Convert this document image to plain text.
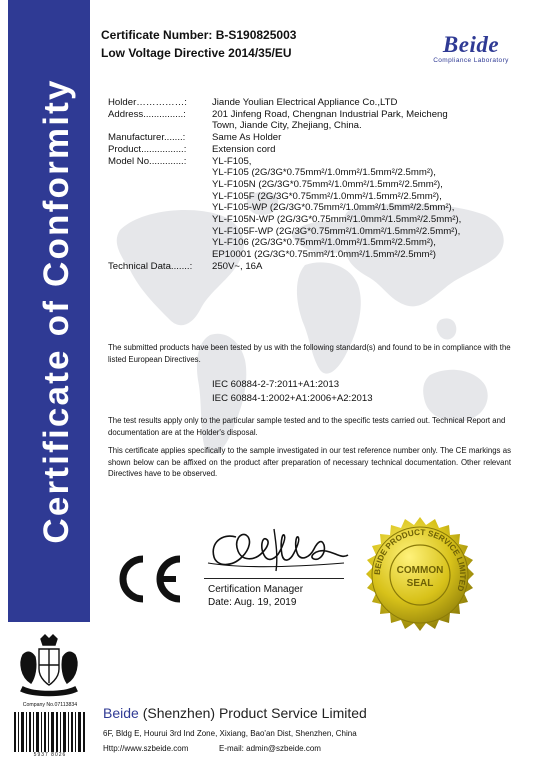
Certificate of Conformity
Certificate Number: B-S190825003
Low Voltage Directive 2014/35/EU	Beide
Compliance Laboratory
Holder……………:	Jiande Youlian Electrical Appliance Co.,LTD
Address...............:	201 Jinfeng Road, Chengnan Industrial Park, Meicheng
Town, Jiande City, Zhejiang, China.
Manufacturer.......:	Same As Holder
Product................:	Extension cord
Model No.............:	YL-F105,
YL-F105 (2G/3G*0.75mm²/1.0mm²/1.5mm²/2.5mm²),
YL-F105N (2G/3G*0.75mm²/1.0mm²/1.5mm²/2.5mm²),
YL-F105F (2G/3G*0.75mm²/1.0mm²/1.5mm²/2.5mm²),
YL-F105-WP (2G/3G*0.75mm²/1.0mm²/1.5mm²/2.5mm²),
YL-F105N-WP (2G/3G*0.75mm²/1.0mm²/1.5mm²/2.5mm²),
YL-F105F-WP (2G/3G*0.75mm²/1.0mm²/1.5mm²/2.5mm²),
YL-F106 (2G/3G*0.75mm²/1.0mm²/1.5mm²/2.5mm²),
EP10001 (2G/3G*0.75mm²/1.0mm²/1.5mm²/2.5mm²)
Technical Data.......:	250V~, 16A
The submitted products have been tested by us with the following standard(s) and found to be in compliance with the listed European Directives.
IEC 60884-2-7:2011+A1:2013
IEC 60884-1:2002+A1:2006+A2:2013
The test results apply only to the particular sample tested and to the specific tests carried out. Technical Report and documentation are at the Holder's disposal.
This certificate applies specifically to the sample investigated in our test reference number only. The CE markings as shown below can be affixed on the product after preparation of necessary technical documentation. Other relevant Directives have to be observed.
Certification Manager
Date: Aug. 19, 2019
BEIDE PRODUCT SERVICE LIMITED
COMMON
SEAL
Company No.07113834
5937 8026
Beide (Shenzhen) Product Service Limited
6F, Bldg E, Hourui 3rd Ind Zone, Xixiang, Bao'an Dist, Shenzhen, China
Http://www.szbeide.com	E-mail: admin@szbeide.com
